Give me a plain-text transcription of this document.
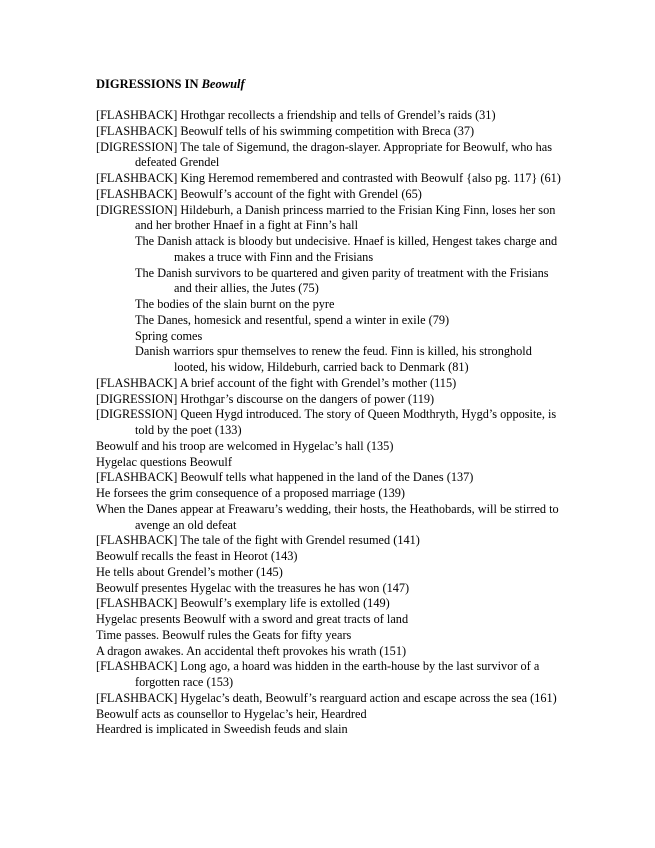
DIGRESSIONS IN Beowulf
[FLASHBACK] Hrothgar recollects a friendship and tells of Grendel’s raids (31)
[FLASHBACK] Beowulf tells of his swimming competition with Breca (37)
[DIGRESSION] The tale of Sigemund, the dragon-slayer. Appropriate for Beowulf, who has defeated Grendel
[FLASHBACK] King Heremod remembered and contrasted with Beowulf {also pg. 117} (61)
[FLASHBACK] Beowulf’s account of the fight with Grendel (65)
[DIGRESSION] Hildeburh, a Danish princess married to the Frisian King Finn, loses her son and her brother Hnaef in a fight at Finn’s hall
The Danish attack is bloody but undecisive. Hnaef is killed, Hengest takes charge and makes a truce with Finn and the Frisians
The Danish survivors to be quartered and given parity of treatment with the Frisians and their allies, the Jutes (75)
The bodies of the slain burnt on the pyre
The Danes, homesick and resentful, spend a winter in exile (79)
Spring comes
Danish warriors spur themselves to renew the feud. Finn is killed, his stronghold looted, his widow, Hildeburh, carried back to Denmark (81)
[FLASHBACK] A brief account of the fight with Grendel’s mother (115)
[DIGRESSION] Hrothgar’s discourse on the dangers of power (119)
[DIGRESSION] Queen Hygd introduced. The story of Queen Modthryth, Hygd’s opposite, is told by the poet (133)
Beowulf and his troop are welcomed in Hygelac’s hall (135)
Hygelac questions Beowulf
[FLASHBACK] Beowulf tells what happened in the land of the Danes (137)
He forsees the grim consequence of a proposed marriage (139)
When the Danes appear at Freawaru’s wedding, their hosts, the Heathobards, will be stirred to avenge an old defeat
[FLASHBACK] The tale of the fight with Grendel resumed (141)
Beowulf recalls the feast in Heorot (143)
He tells about Grendel’s mother (145)
Beowulf presentes Hygelac with the treasures he has won (147)
[FLASHBACK] Beowulf’s exemplary life is extolled (149)
Hygelac presents Beowulf with a sword and great tracts of land
Time passes. Beowulf rules the Geats for fifty years
A dragon awakes. An accidental theft provokes his wrath (151)
[FLASHBACK] Long ago, a hoard was hidden in the earth-house by the last survivor of a forgotten race (153)
[FLASHBACK] Hygelac’s death, Beowulf’s rearguard action and escape across the sea (161)
Beowulf acts as counsellor to Hygelac’s heir, Heardred
Heardred is implicated in Sweedish feuds and slain
